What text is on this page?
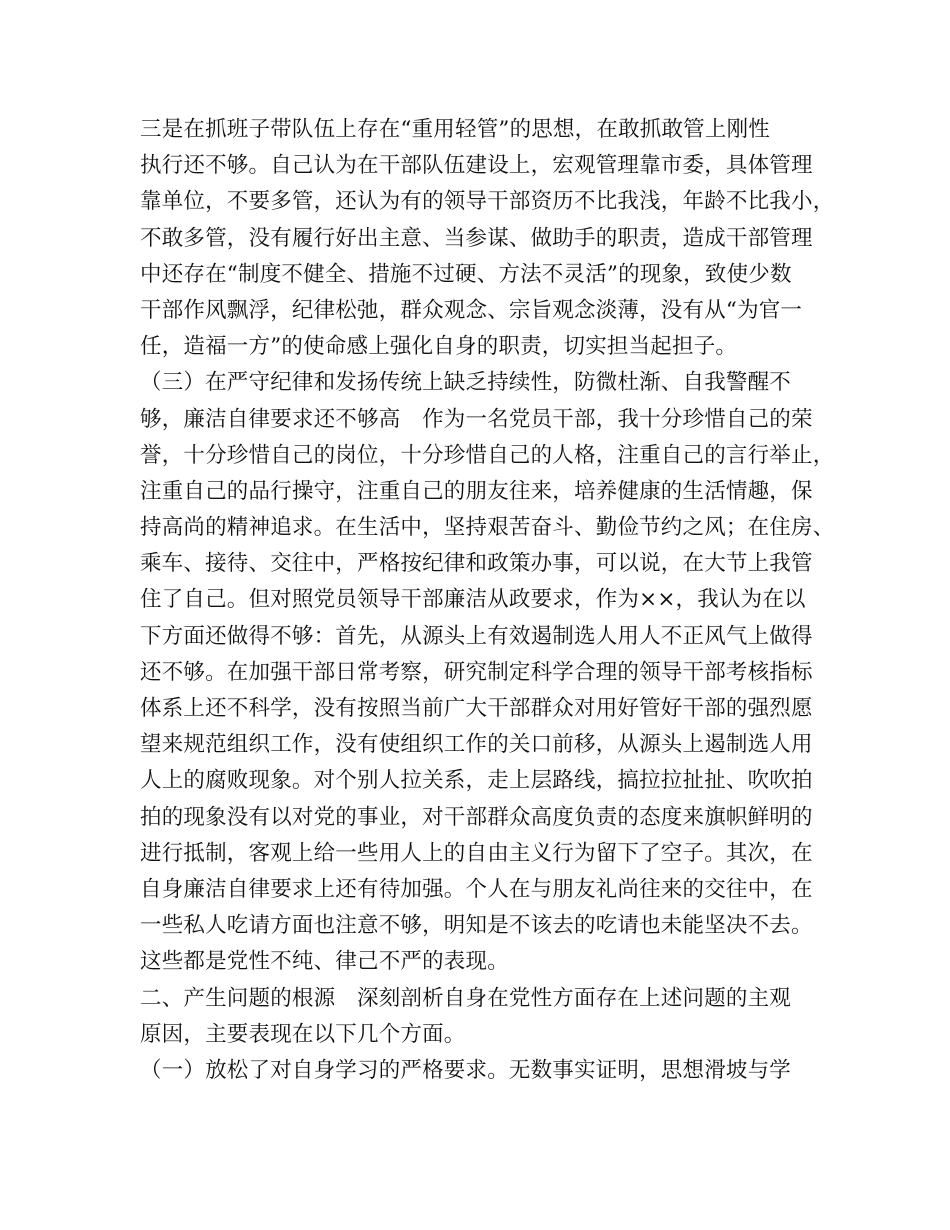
三是在抓班子带队伍上存在“重用轻管”的思想，在敢抓敢管上刚性
执行还不够。自己认为在干部队伍建设上，宏观管理靠市委，具体管理
靠单位，不要多管，还认为有的领导干部资历不比我浅，年龄不比我小，
不敢多管，没有履行好出主意、当参谋、做助手的职责，造成干部管理
中还存在“制度不健全、措施不过硬、方法不灵活”的现象，致使少数
干部作风飘浮，纪律松弛，群众观念、宗旨观念淡薄，没有从“为官一
任，造福一方”的使命感上强化自身的职责，切实担当起担子。
（三）在严守纪律和发扬传统上缺乏持续性，防微杜渐、自我警醒不
够，廉洁自律要求还不够高　作为一名党员干部，我十分珍惜自己的荣
誉，十分珍惜自己的岗位，十分珍惜自己的人格，注重自己的言行举止，
注重自己的品行操守，注重自己的朋友往来，培养健康的生活情趣，保
持高尚的精神追求。在生活中，坚持艰苦奋斗、勤俭节约之风；在住房、
乘车、接待、交往中，严格按纪律和政策办事，可以说，在大节上我管
住了自己。但对照党员领导干部廉洁从政要求，作为××，我认为在以
下方面还做得不够：首先，从源头上有效遏制选人用人不正风气上做得
还不够。在加强干部日常考察，研究制定科学合理的领导干部考核指标
体系上还不科学，没有按照当前广大干部群众对用好管好干部的强烈愿
望来规范组织工作，没有使组织工作的关口前移，从源头上遏制选人用
人上的腐败现象。对个别人拉关系，走上层路线，搞拉拉扯扯、吹吹拍
拍的现象没有以对党的事业，对干部群众高度负责的态度来旗帜鲜明的
进行抵制，客观上给一些用人上的自由主义行为留下了空子。其次，在
自身廉洁自律要求上还有待加强。个人在与朋友礼尚往来的交往中，在
一些私人吃请方面也注意不够，明知是不该去的吃请也未能坚决不去。
这些都是党性不纯、律己不严的表现。
二、产生问题的根源　深刻剖析自身在党性方面存在上述问题的主观
原因，主要表现在以下几个方面。
（一）放松了对自身学习的严格要求。无数事实证明，思想滑坡与学
